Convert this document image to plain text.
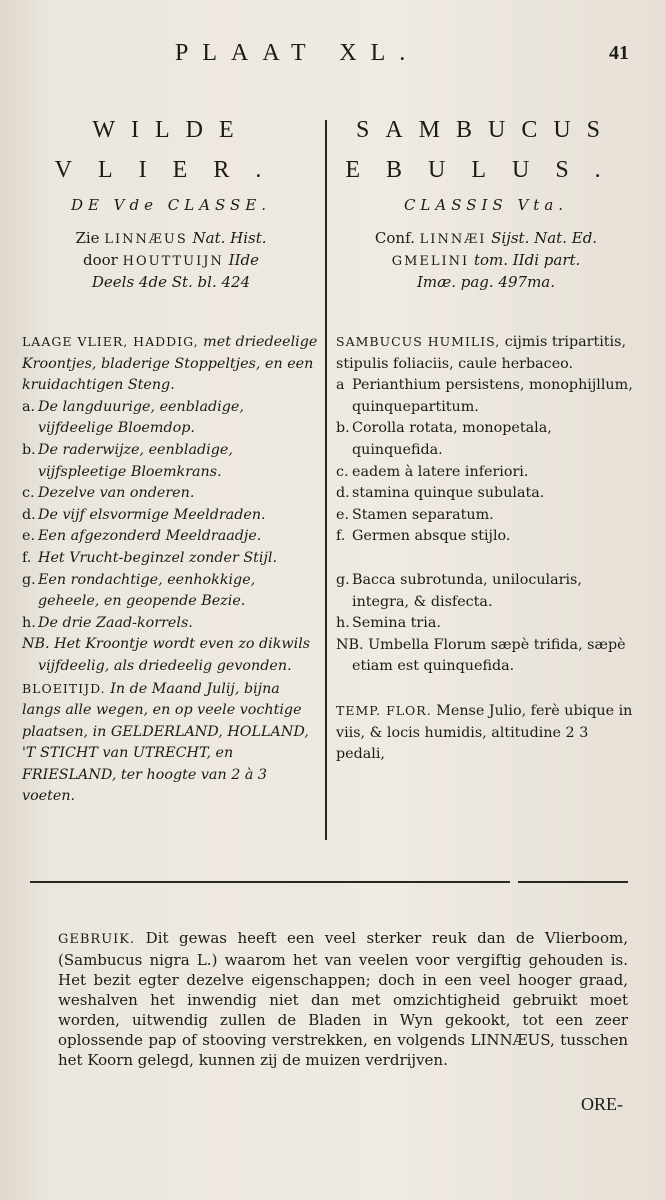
PLAAT XL.	41
WILDE
VLIER.
DE Vde CLASSE.
Zie LINNÆUS Nat. Hist.
door HOUTTUIJN IIde
Deels 4de St. bl. 424
LAAGE VLIER, HADDIG, met driedeelige Kroontjes, bladerige Stoppeltjes, en een kruidachtigen Steng.
a. De langduurige, eenbladige, vijfdeelige Bloemdop.
b. De raderwijze, eenbladige, vijfspleetige Bloemkrans.
c. Dezelve van onderen.
d. De vijf elsvormige Meeldraden.
e. Een afgezonderd Meeldraadje.
f. Het Vrucht-beginzel zonder Stijl.
g. Een rondachtige, eenhokkige, geheele, en geopende Bezie.
h. De drie Zaad-korrels.
NB. Het Kroontje wordt even zo dikwils vijfdeelig, als driedeelig gevonden.
BLOEITIJD. In de Maand Julij, bijna langs alle wegen, en op veele vochtige plaatsen, in GELDERLAND, HOLLAND, 'T STICHT van UTRECHT, en FRIESLAND, ter hoogte van 2 à 3 voeten.
SAMBUCUS
EBULUS.
CLASSIS Vta.
Conf. LINNÆI Sijst. Nat. Ed.
GMELINI tom. IIdi part.
Imæ. pag. 497ma.
SAMBUCUS HUMILIS, cijmis tripartitis, stipulis foliaciis, caule herbaceo.
a Perianthium persistens, monophijllum, quinquepartitum.
b. Corolla rotata, monopetala, quinquefida.
c. eadem à latere inferiori.
d. stamina quinque subulata.
e. Stamen separatum.
f. Germen absque stijlo.
g. Bacca subrotunda, unilocularis, integra, & disfecta.
h. Semina tria.
NB. Umbella Florum sæpè trifida, sæpè etiam est quinquefida.
TEMP. FLOR. Mense Julio, ferè ubique in viis, & locis humidis, altitudine 2 3 pedali,
GEBRUIK. Dit gewas heeft een veel sterker reuk dan de Vlierboom, (Sambucus nigra L.) waarom het van veelen voor vergiftig gehouden is. Het bezit egter dezelve eigenschappen; doch in een veel hooger graad, weshalven het inwendig niet dan met omzichtigheid gebruikt moet worden, uitwendig zullen de Bladen in Wyn gekookt, tot een zeer oplossende pap of stooving verstrekken, en volgends LINNÆUS, tusschen het Koorn gelegd, kunnen zij de muizen verdrijven.
ORE-
